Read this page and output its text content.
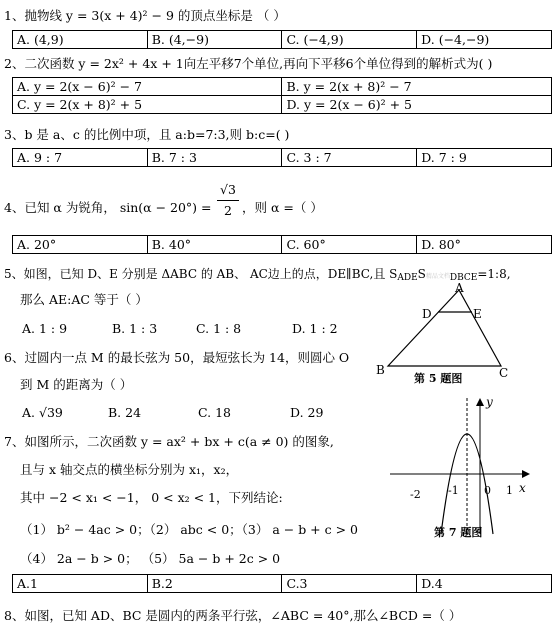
1、抛物线 y = 3(x + 4)² − 9 的顶点坐标是 （ ）
A. (4,9)	B. (4,−9)	C. (−4,9)	D. (−4,−9)
2、二次函数 y = 2x² + 4x + 1向左平移7个单位,再向下平移6个单位得到的解析式为( )
A. y = 2(x − 6)² − 7	B. y = 2(x + 8)² − 7
C. y = 2(x + 8)² + 5	D. y = 2(x − 6)² + 5
3、b 是 a、c 的比例中项，且 a:b=7:3,则 b:c=( )
A. 9 : 7	B. 7 : 3	C. 3 : 7	D. 7 : 9
4、已知 α 为锐角， sin(α − 20°) =
√3
2 ，则 α =（ ）
A. 20°	B. 40°	C. 60°	D. 80°
5、如图，已知 D、E 分别是 ΔABC 的 AB、 AC边上的点，DE∥BC,且 $S_{ADE}S$精品文档$_{DBCE}$=1:8,
那么 AE:AC 等于（ ）
A. 1 : 9	B. 1 : 3	C. 1 : 8	D. 1 : 2
A
D	E
B	C
第 5 题图
6、过圆内一点 M 的最长弦为 50，最短弦长为 14，则圆心 O
到 M 的距离为（ ）
A. √39	B. 24	C. 18	D. 29
7、如图所示，二次函数 y = ax² + bx + c(a ≠ 0) 的图象,
且与 x 轴交点的横坐标分别为 x₁，x₂，
其中 −2 < x₁ < −1， 0 < x₂ < 1，下列结论:
（1） b² − 4ac > 0；（2） abc < 0；（3） a − b + c > 0
（4） 2a − b > 0； （5） 5a − b + 2c > 0
x
y
-2 -1 0 1
第 7 题图
A.1	B.2	C.3	D.4
8、如图，已知 AD、BC 是圆内的两条平行弦，∠ABC = 40°,那么∠BCD =（ ）
